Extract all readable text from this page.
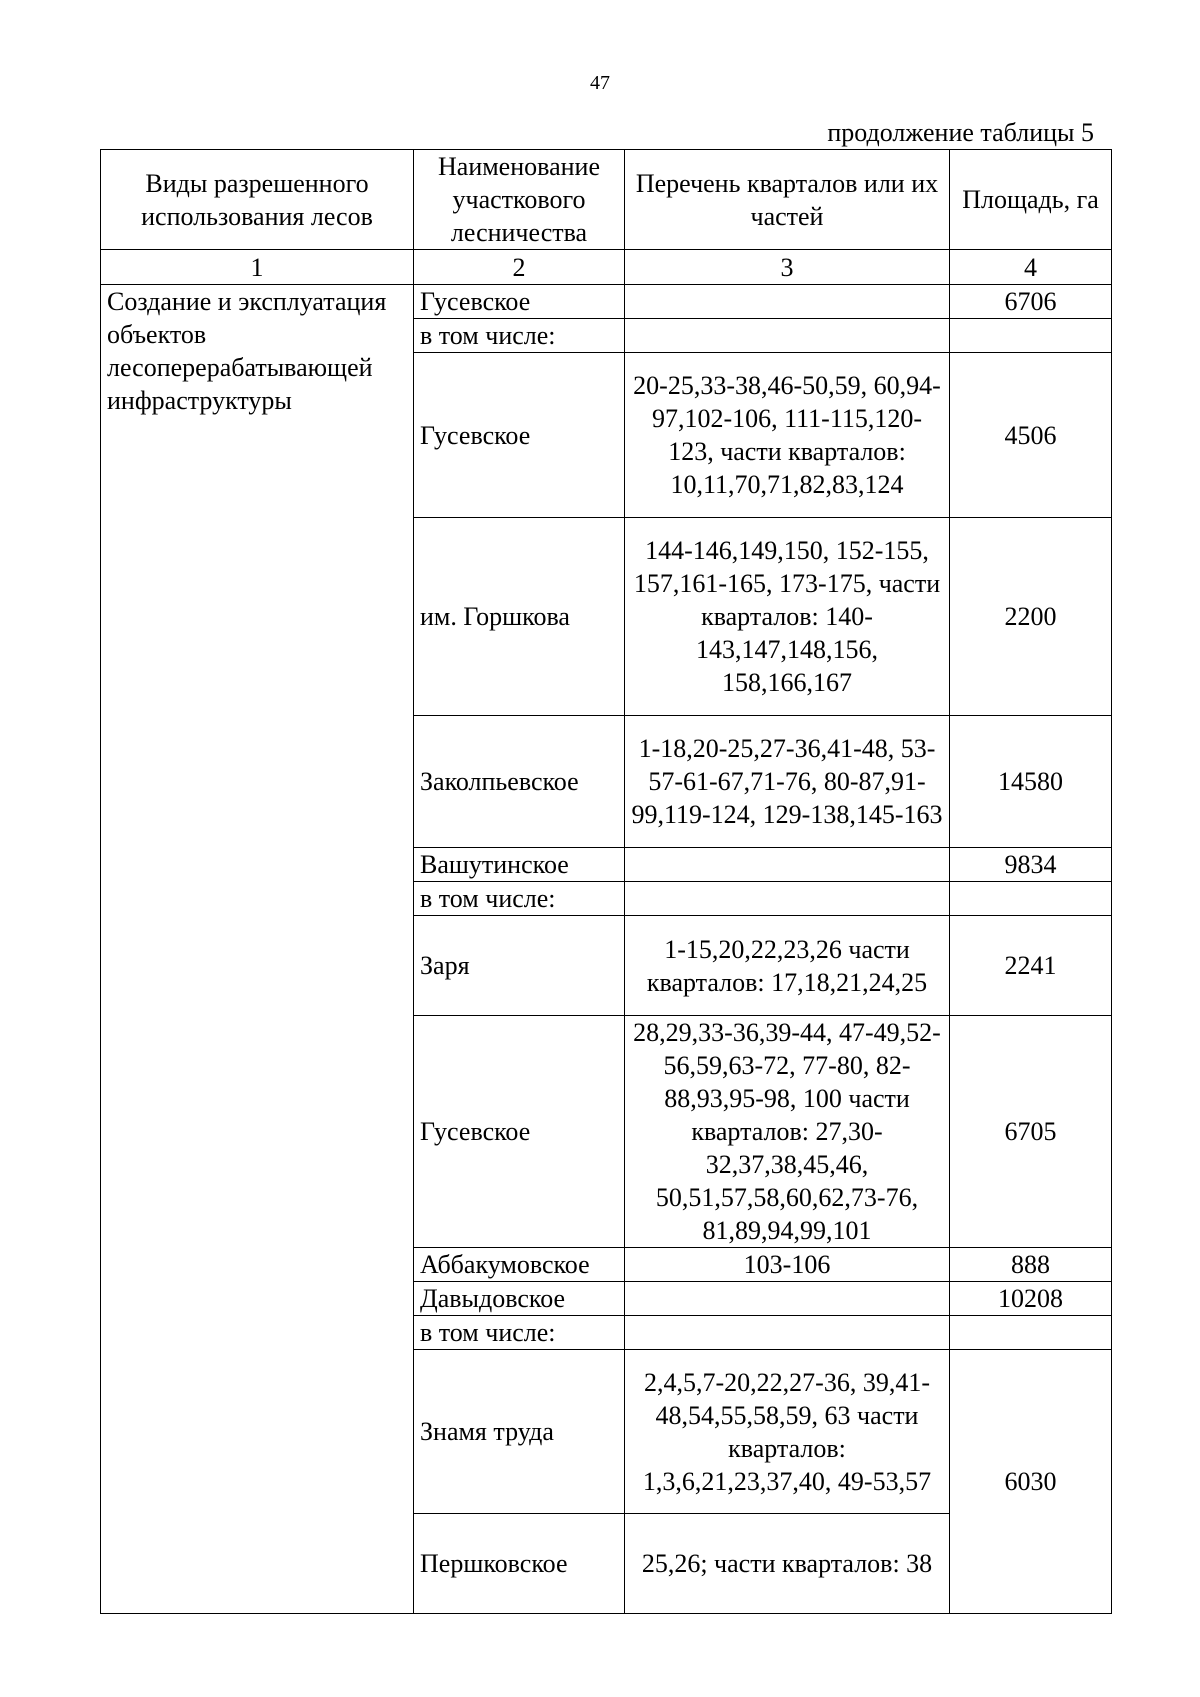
47
продолжение таблицы 5
Виды разрешенного использования лесов	Наименование участкового лесничества	Перечень кварталов или их частей	Площадь, га
1	2	3	4
Создание и эксплуатация объектов лесоперерабатывающей инфраструктуры	Гусевское		6706
	в том числе:		
	Гусевское	20-25,33-38,46-50,59, 60,94-97,102-106, 111-115,120-123, части кварталов: 10,11,70,71,82,83,124	4506
	им. Горшкова	144-146,149,150, 152-155, 157,161-165, 173-175, части кварталов: 140-143,147,148,156, 158,166,167	2200
	Заколпьевское	1-18,20-25,27-36,41-48, 53-57-61-67,71-76, 80-87,91-99,119-124, 129-138,145-163	14580
	Вашутинское		9834
	в том числе:		
	Заря	1-15,20,22,23,26 части кварталов: 17,18,21,24,25	2241
	Гусевское	28,29,33-36,39-44, 47-49,52-56,59,63-72, 77-80, 82-88,93,95-98, 100 части кварталов: 27,30-32,37,38,45,46, 50,51,57,58,60,62,73-76, 81,89,94,99,101	6705
	Аббакумовское	103-106	888
	Давыдовское		10208
	в том числе:		
	Знамя труда	2,4,5,7-20,22,27-36, 39,41-48,54,55,58,59, 63 части кварталов: 1,3,6,21,23,37,40, 49-53,57	6030
	Першковское	25,26; части кварталов: 38	
